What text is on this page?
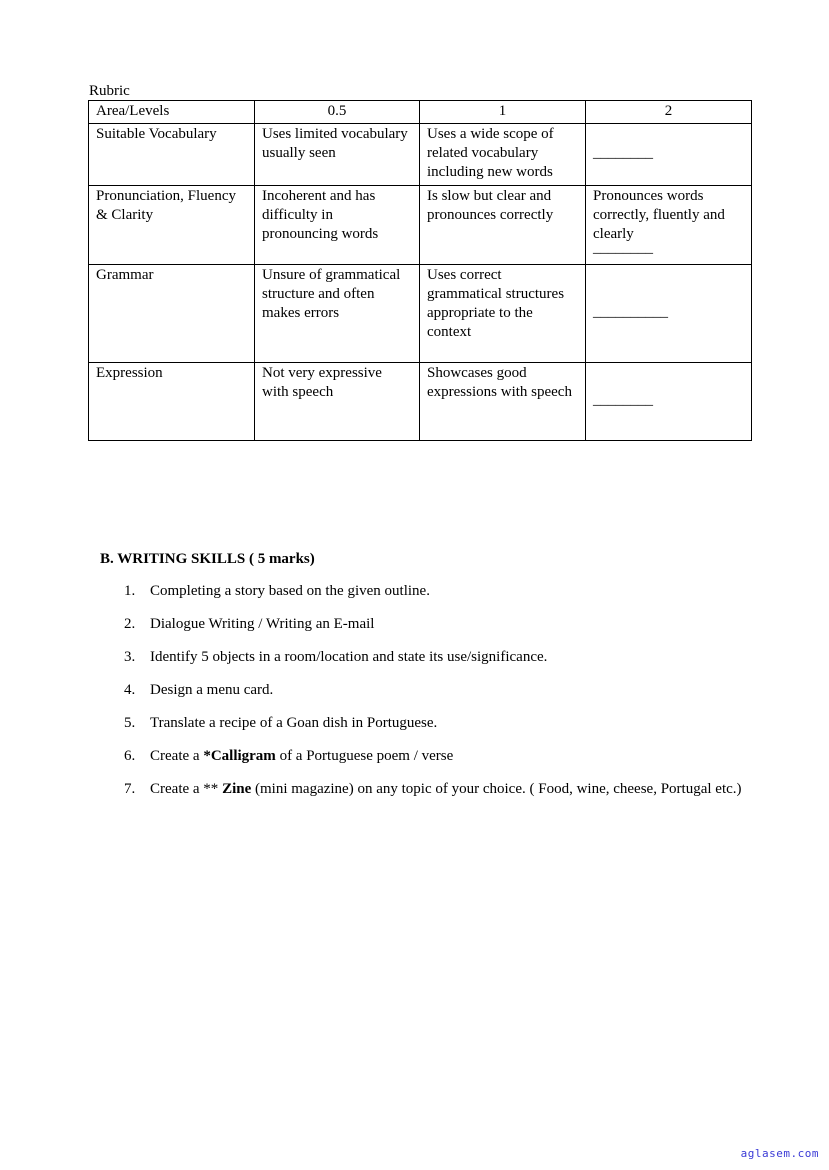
Rubric
Area/Levels	0.5	1	2
Suitable Vocabulary	Uses limited vocabulary usually seen	Uses a wide scope of related vocabulary including new words	________
Pronunciation, Fluency & Clarity	Incoherent and has difficulty in pronouncing words	Is slow but clear and pronounces correctly	Pronounces words correctly, fluently and clearly
________

Grammar	Unsure of grammatical structure and often makes errors	Uses correct grammatical structures appropriate to the context	__________
Expression	Not very expressive with speech	Showcases good expressions with speech	________
B. WRITING SKILLS ( 5 marks)
1. Completing a story based on the given outline.
2. Dialogue Writing / Writing an E-mail
3. Identify 5 objects in a room/location and state its use/significance.
4. Design a menu card.
5. Translate a recipe of a Goan dish in Portuguese.
6. Create a *Calligram of a Portuguese poem / verse
7. Create a ** Zine (mini magazine) on any topic of your choice. ( Food, wine, cheese, Portugal etc.)
aglasem.com
